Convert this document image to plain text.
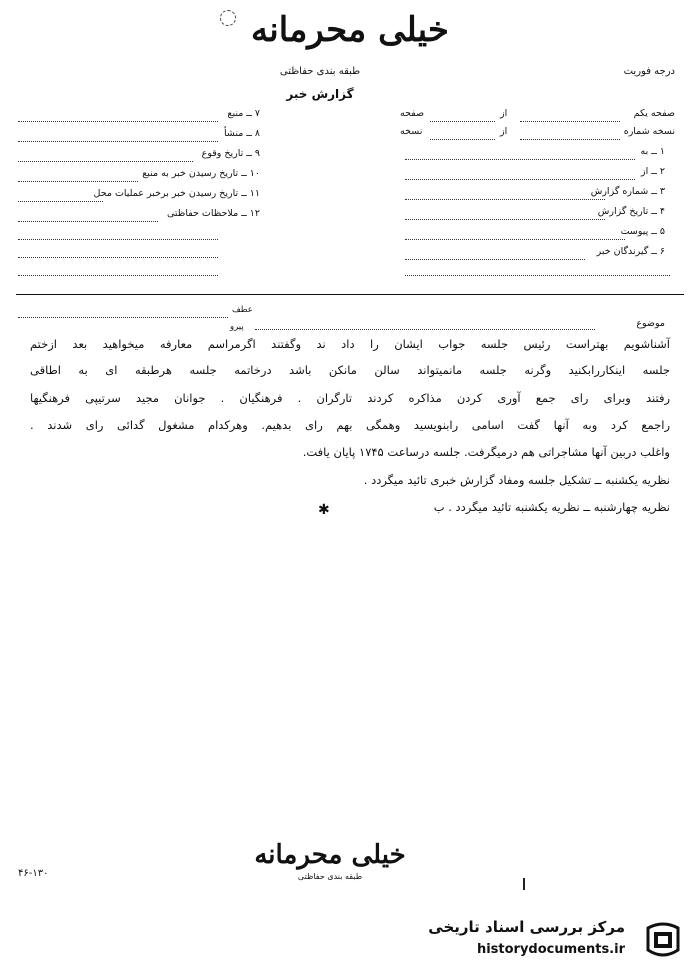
خیلی محرمانه
طبقه بندی حفاظتی	درجه فوریت
گزارش خبر
صفحه یکم
از
صفحه
نسخه شماره
از
نسخه
۱ ــ به
۲ ــ از
۳ ــ شماره گزارش
۴ ــ تاریخ گزارش
۵ ــ پیوست
۶ ــ گیرندگان خبر
۷ ــ منبع
۸ ــ منشأ
۹ ــ تاریخ وقوع
۱۰ ــ تاریخ رسیدن خبر به منبع
۱۱ ــ تاریخ رسیدن خبر برخبر عملیات محل
۱۲ ــ ملاحظات حفاظتی
موضوع
عطف
پیرو
آشناشویم بهتراست رئیس جلسه جواب ایشان را داد ند وگفتند اگرمراسم معارفه میخواهید بعد ازختم
جلسه اینکاررابکنید وگرنه جلسه مانمیتواند سالن مانکن باشد درخاتمه جلسه هرطبقه ای به اطاقی
رفتند وبرای رای جمع آوری کردن مذاکره کردند تارگران . فرهنگیان . جوانان مجید سرتیپی فرهنگیها
راجمع کرد وبه آنها گفت اسامی رابنویسید وهمگی بهم رای بدهیم. وهرکدام مشغول گدائی رای شدند .
واغلب دربین آنها مشاجراتی هم درمیگرفت. جلسه درساعت ۱۷۴۵ پایان یافت.
نظریه یکشنبه ــ تشکیل جلسه ومفاد گزارش خبری تائید میگردد .
نظریه چهارشنبه ــ نظریه یکشنبه تائید میگردد . ب
✱
خیلی محرمانه
طبقه بندی حفاظتی
۴۶-۱۳۰
مرکز بررسی اسناد تاریخی
historydocuments.ir
